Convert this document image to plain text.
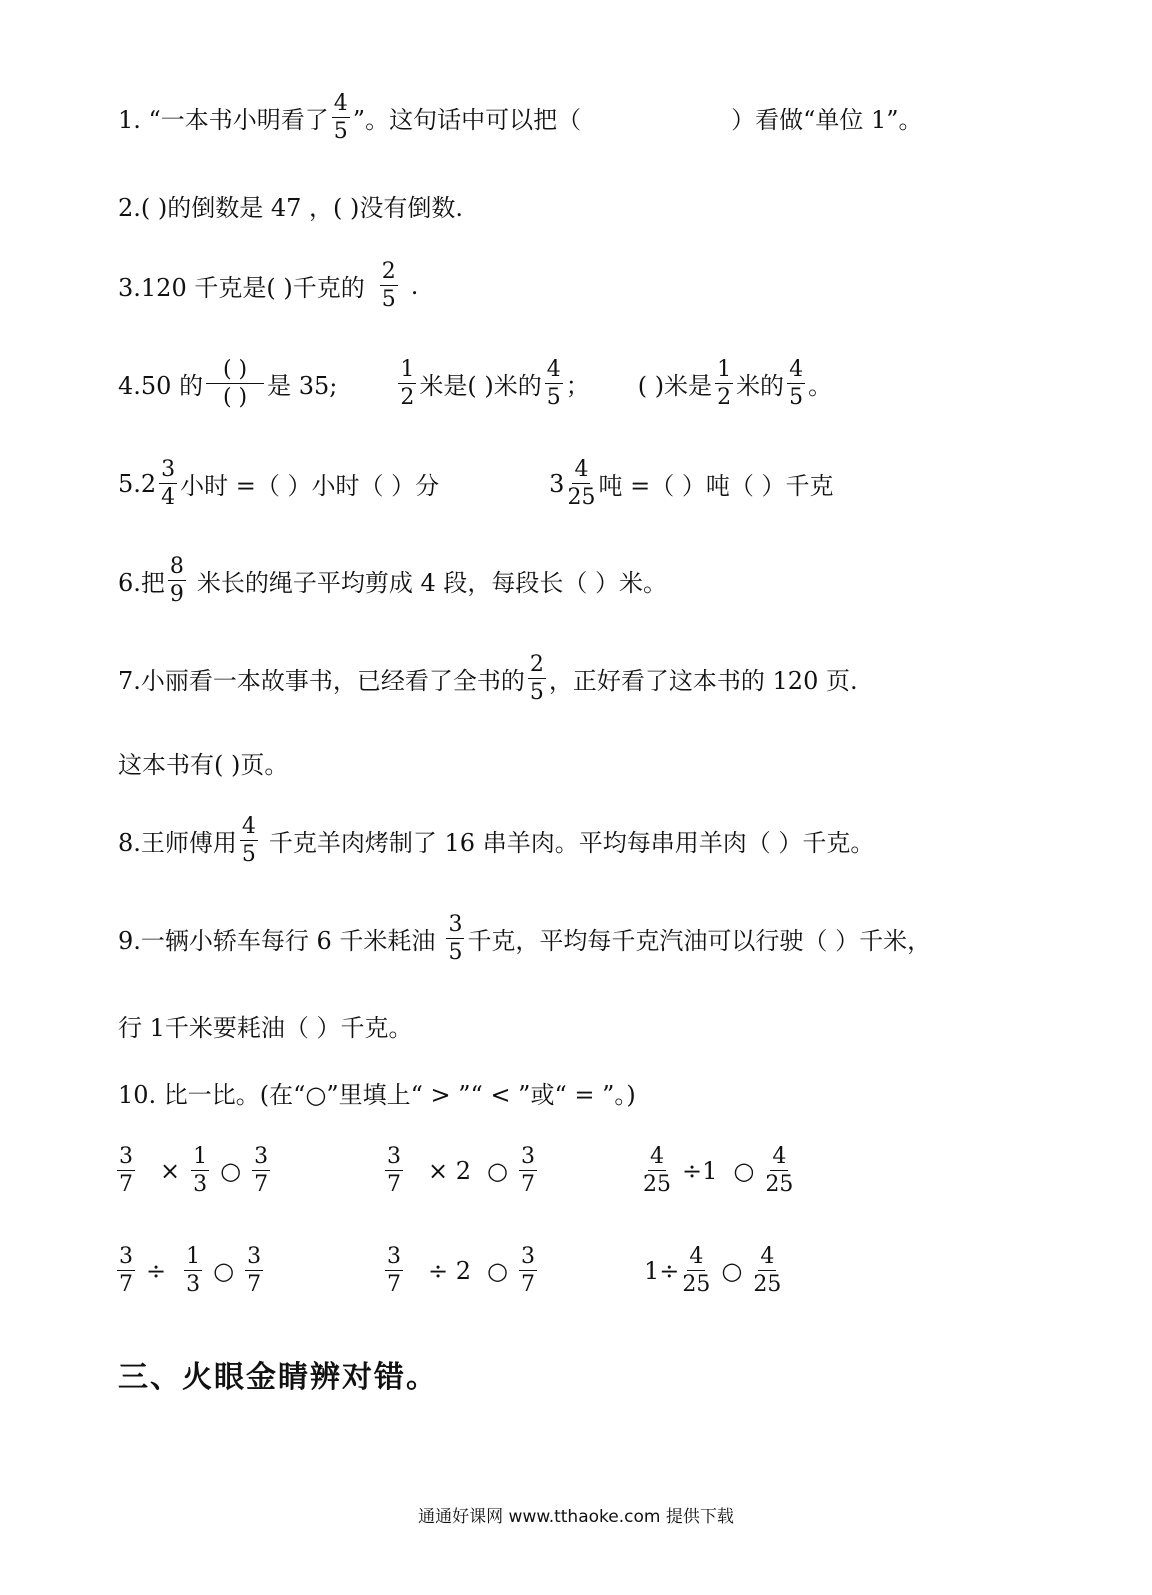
1. “一本书小明看了 $\frac{4}{5}$ ”。这句话中可以把（	）看做“单位 1”。
2.( )的倒数是 47 ，( )没有倒数.
3.120 千克是( )千克的 $\frac{2}{5}$ .
4.50 的 $\frac{( )}{( )}$ 是 35;	$\frac{1}{2}$ 米是( )米的 $\frac{4}{5}$ ； ( )米是 $\frac{1}{2}$ 米的 $\frac{4}{5}$ 。
$5.2 \frac{3}{4}$ 小时 =（ ）小时（ ）分	$3 \frac{4}{25}$ 吨 =（ ）吨（ ）千克
6.把 $\frac{8}{9}$ 米长的绳子平均剪成 4 段，每段长（ ）米。
7.小丽看一本故事书，已经看了全书的 $\frac{2}{5}$ ，正好看了这本书的 120 页.
这本书有( )页。
8.王师傅用 $\frac{4}{5}$ 千克羊肉烤制了 16 串羊肉。平均每串用羊肉（ ）千克。
9.一辆小轿车每行 6 千米耗油 $\frac{3}{5}$ 千克，平均每千克汽油可以行驶（ ）千米，
行 1千米要耗油（ ）千克。
10. 比一比。(在“○”里填上“ > ”“ < ”或“ = ”。)
$\frac{3}{7} \times \frac{1}{3}$ ○ $\frac{3}{7}$	$\frac{3}{7} \times 2$ ○ $\frac{3}{7}$	$\frac{4}{25} \div 1$ ○ $\frac{4}{25}$
$\frac{3}{7} \div \frac{1}{3}$ ○ $\frac{3}{7}$	$\frac{3}{7} \div 2$ ○ $\frac{3}{7}$	$1\div \frac{4}{25}$ ○ $\frac{4}{25}$
三、火眼金睛辨对错。
通通好课网 www.tthaoke.com 提供下载
